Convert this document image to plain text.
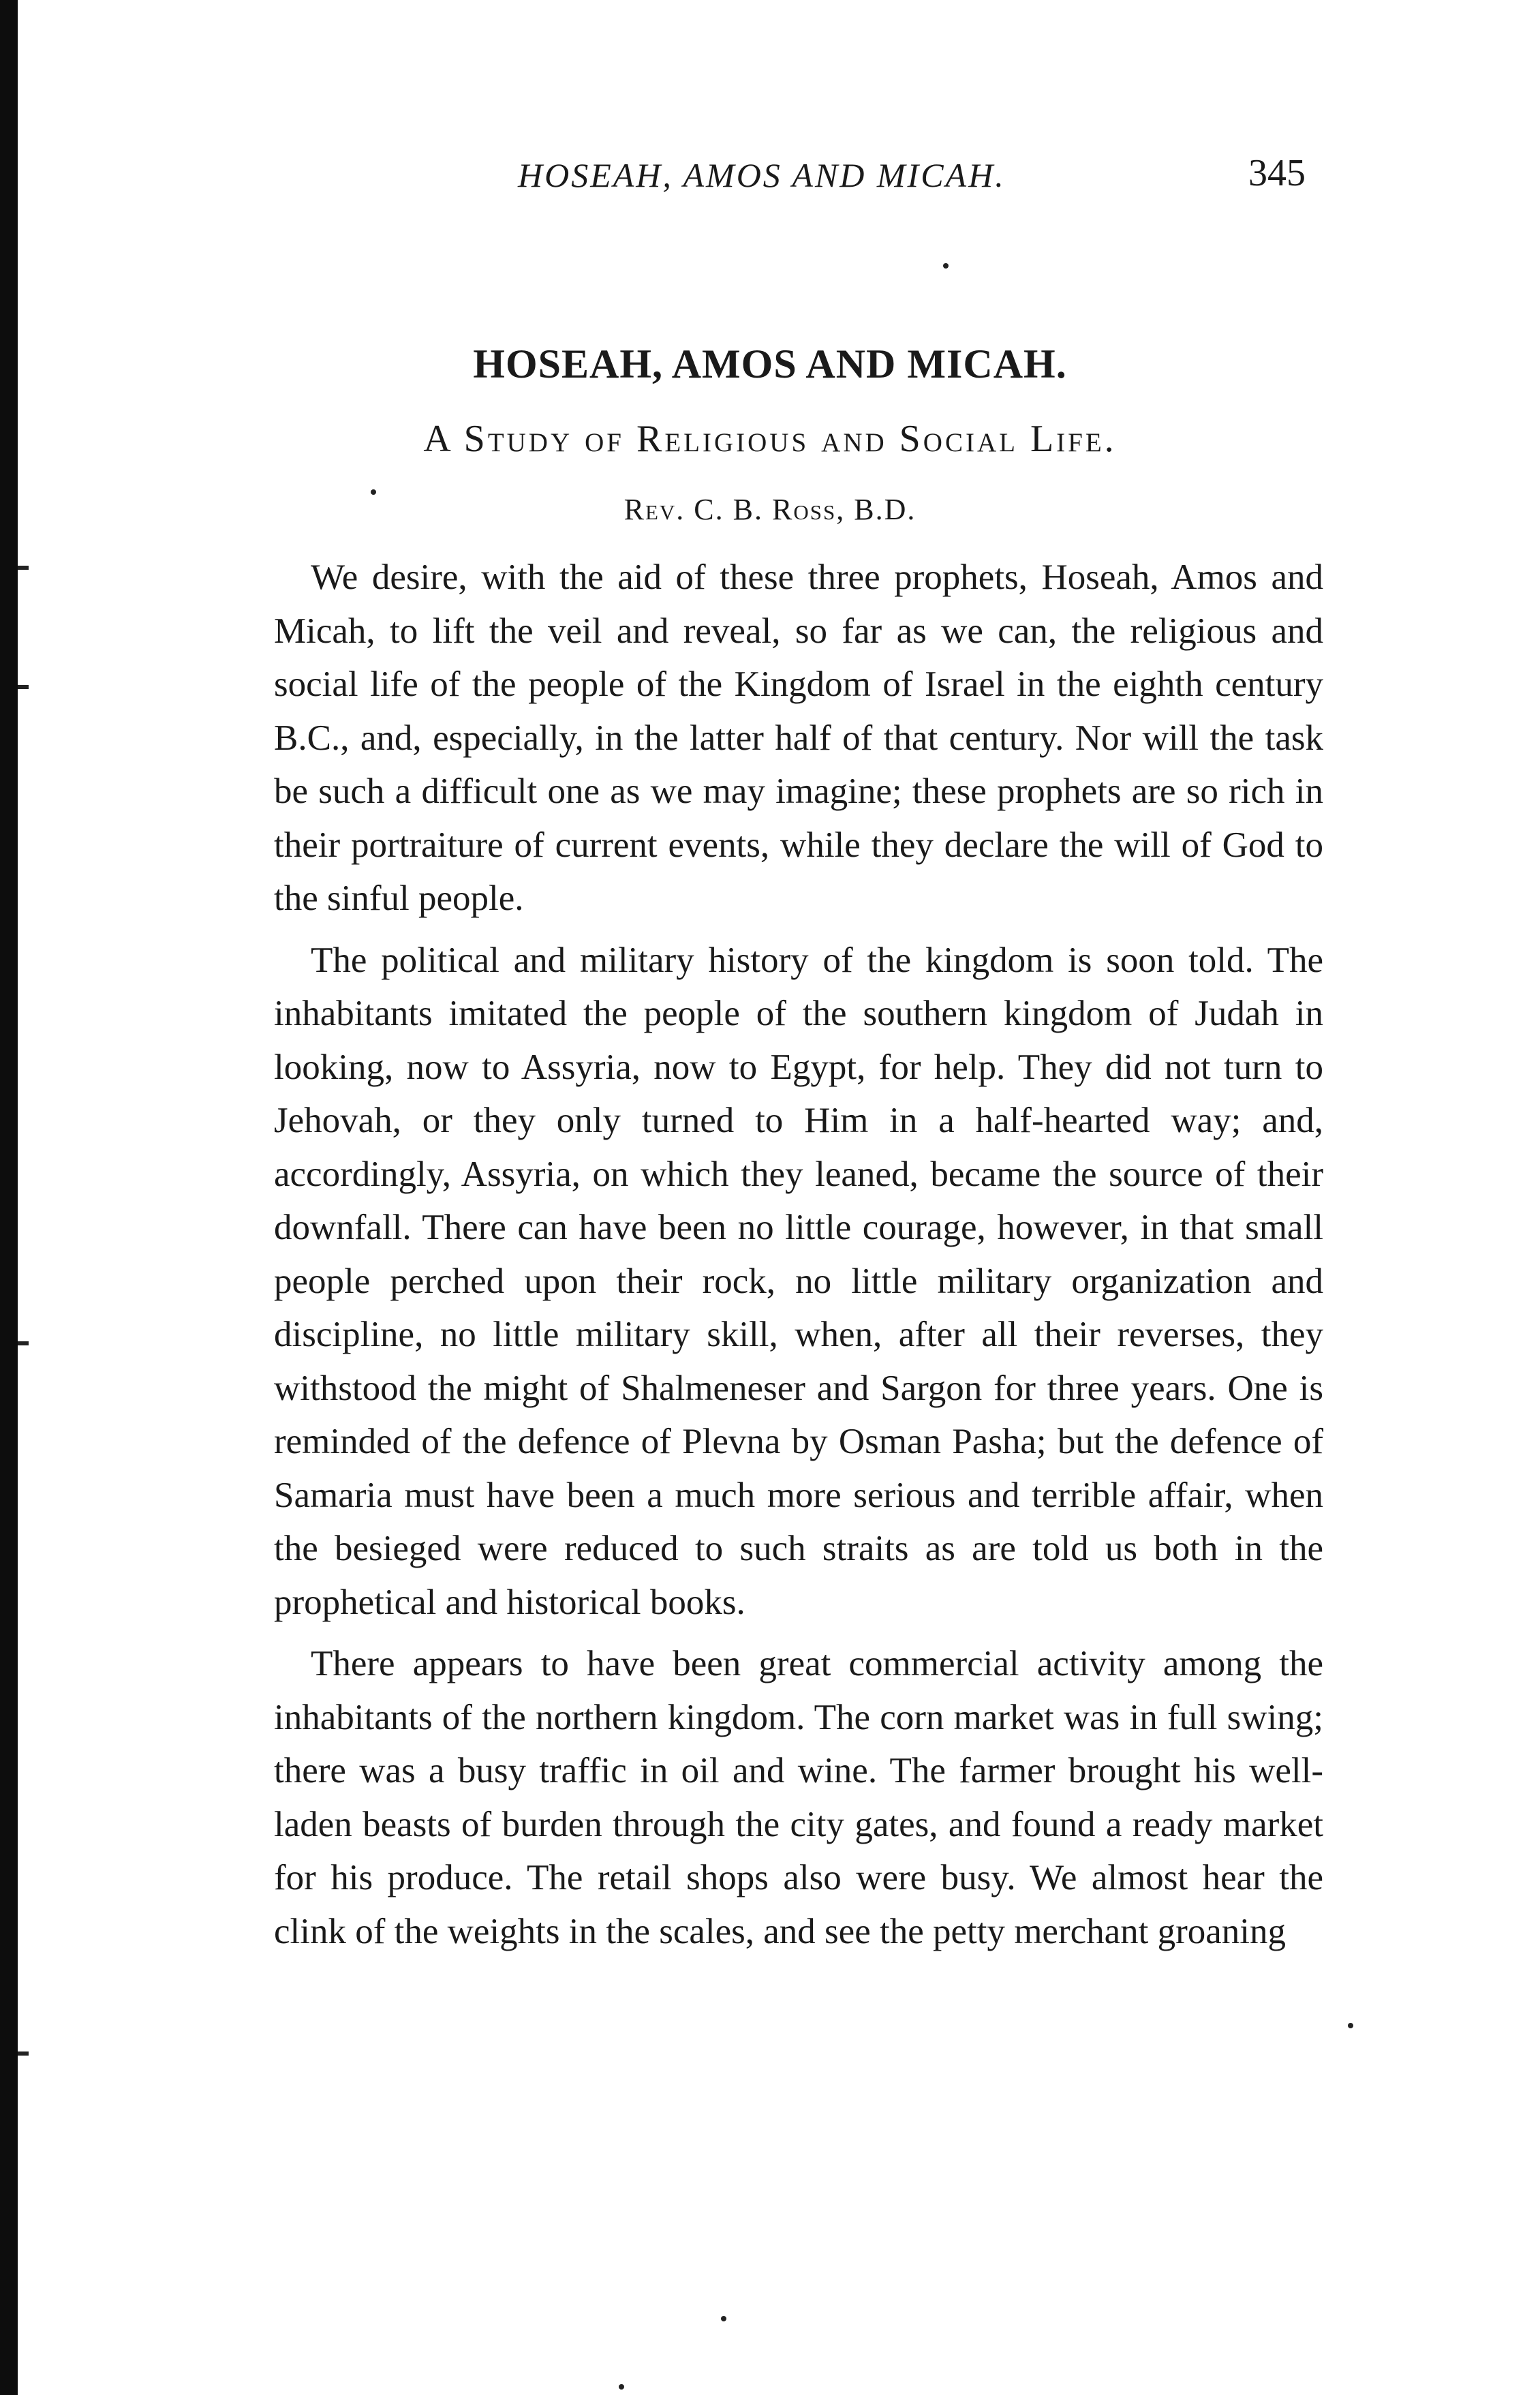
HOSEAH, AMOS AND MICAH.	345
HOSEAH, AMOS AND MICAH.
A Study of Religious and Social Life.
Rev. C. B. Ross, B.D.

We desire, with the aid of these three prophets, Hoseah, Amos and Micah, to lift the veil and reveal, so far as we can, the religious and social life of the people of the Kingdom of Israel in the eighth century B.C., and, especially, in the latter half of that century. Nor will the task be such a difficult one as we may imagine; these prophets are so rich in their portraiture of current events, while they declare the will of God to the sinful people.

The political and military history of the kingdom is soon told. The inhabitants imitated the people of the southern kingdom of Judah in looking, now to Assyria, now to Egypt, for help. They did not turn to Jehovah, or they only turned to Him in a half-hearted way; and, accordingly, Assyria, on which they leaned, became the source of their downfall. There can have been no little courage, however, in that small people perched upon their rock, no little military organization and discipline, no little military skill, when, after all their reverses, they withstood the might of Shalmeneser and Sargon for three years. One is reminded of the defence of Plevna by Osman Pasha; but the defence of Samaria must have been a much more serious and terrible affair, when the besieged were reduced to such straits as are told us both in the prophetical and historical books.

There appears to have been great commercial activity among the inhabitants of the northern kingdom. The corn market was in full swing; there was a busy traffic in oil and wine. The farmer brought his well-laden beasts of burden through the city gates, and found a ready market for his produce. The retail shops also were busy. We almost hear the clink of the weights in the scales, and see the petty merchant groaning
